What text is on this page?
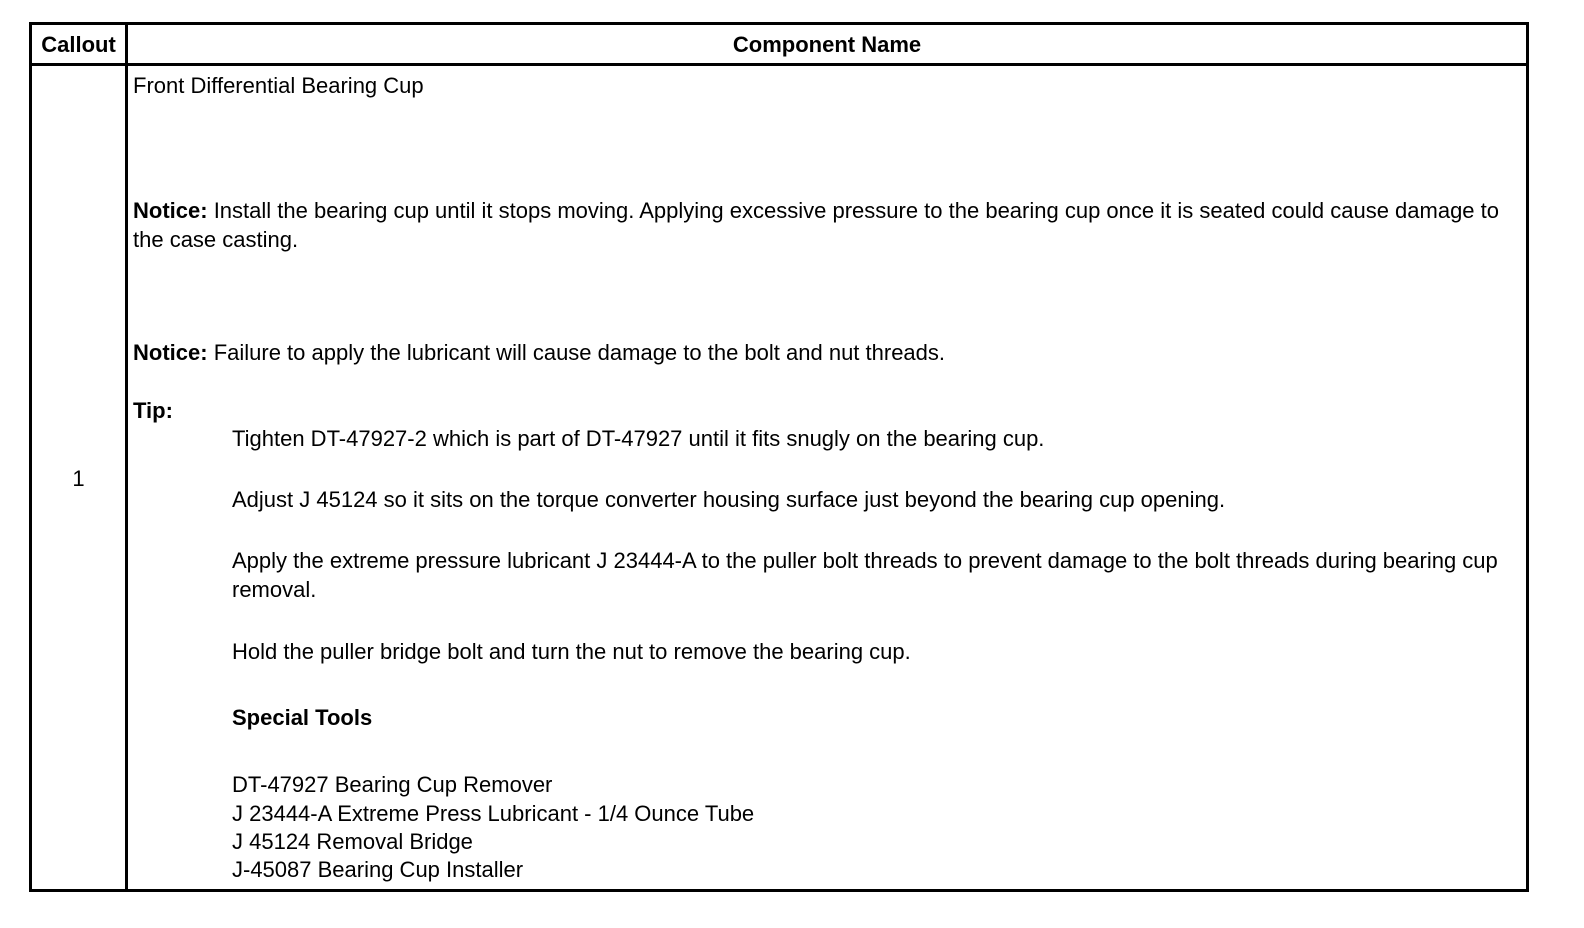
Callout	Component Name
1
Front Differential Bearing Cup
Notice: Install the bearing cup until it stops moving. Applying excessive pressure to the bearing cup once it is seated could cause damage to the case casting.
Notice: Failure to apply the lubricant will cause damage to the bolt and nut threads.
Tip:
Tighten DT-47927-2 which is part of DT-47927 until it fits snugly on the bearing cup.
Adjust J 45124 so it sits on the torque converter housing surface just beyond the bearing cup opening.
Apply the extreme pressure lubricant J 23444-A to the puller bolt threads to prevent damage to the bolt threads during bearing cup removal.
Hold the puller bridge bolt and turn the nut to remove the bearing cup.
Special Tools
DT-47927 Bearing Cup Remover
J 23444-A Extreme Press Lubricant - 1/4 Ounce Tube
J 45124 Removal Bridge
J-45087 Bearing Cup Installer
